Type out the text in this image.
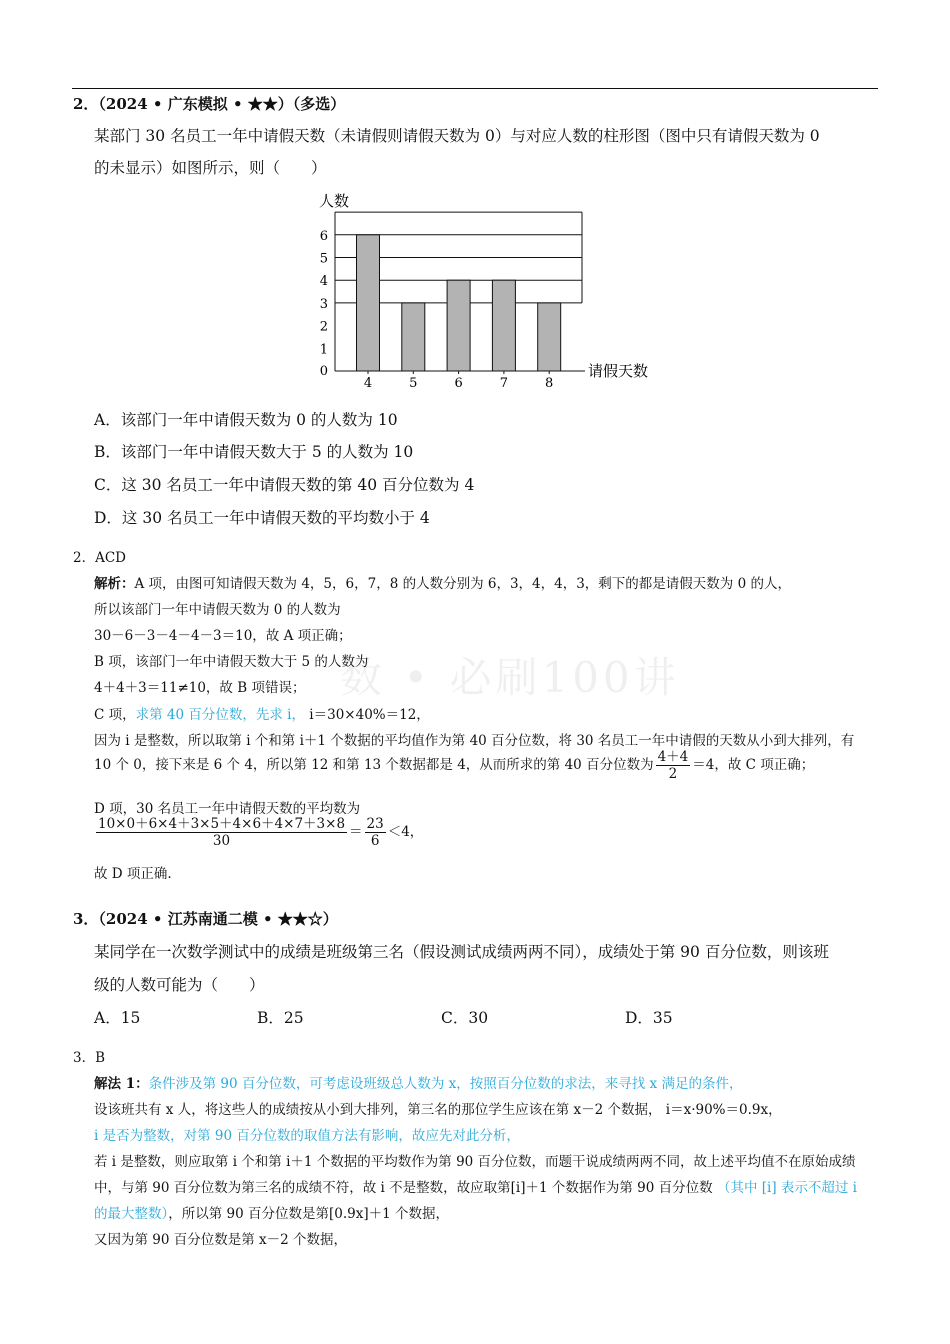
数 • 必刷100讲
2．（2024 • 广东模拟 • ★★）（多选）
某部门 30 名员工一年中请假天数（未请假则请假天数为 0）与对应人数的柱形图（图中只有请假天数为 0
的未显示）如图所示，则（　　）
4	5	6	7	8
0
1
2
3
4
5
6
人数
请假天数
A．该部门一年中请假天数为 0 的人数为 10
B．该部门一年中请假天数大于 5 的人数为 10
C．这 30 名员工一年中请假天数的第 40 百分位数为 4
D．这 30 名员工一年中请假天数的平均数小于 4
2．ACD
解析：A 项，由图可知请假天数为 4，5，6，7，8 的人数分别为 6，3，4，4，3，剩下的都是请假天数为 0 的人，
所以该部门一年中请假天数为 0 的人数为
30－6－3－4－4－3＝10，故 A 项正确；
B 项，该部门一年中请假天数大于 5 的人数为
4＋4＋3＝11≠10，故 B 项错误；
C 项，求第 40 百分位数，先求 i， i＝30×40%＝12，
因为 i 是整数，所以取第 i 个和第 i＋1 个数据的平均值作为第 40 百分位数，将 30 名员工一年中请假的天数从小到大排列，有
10 个 0，接下来是 6 个 4，所以第 12 和第 13 个数据都是 4，从而所求的第 40 百分位数为 $\frac{4+4}{2} =4$，故 C 项正确；
D 项，30 名员工一年中请假天数的平均数为
$\frac{10\times 0+6\times 4+3\times 5+4\times 6+4\times 7+3\times 8}{30} = \frac{23}{6} <4$，
故 D 项正确.
3．（2024 • 江苏南通二模 • ★★☆）
某同学在一次数学测试中的成绩是班级第三名（假设测试成绩两两不同），成绩处于第 90 百分位数，则该班
级的人数可能为（　　）
A．15	B．25	C．30	D．35
3．B
解法 1：条件涉及第 90 百分位数，可考虑设班级总人数为 x，按照百分位数的求法，来寻找 x 满足的条件，
设该班共有 x 人，将这些人的成绩按从小到大排列，第三名的那位学生应该在第 x－2 个数据， i＝x·90%＝0.9x，
i 是否为整数，对第 90 百分位数的取值方法有影响，故应先对此分析，
若 i 是整数，则应取第 i 个和第 i＋1 个数据的平均数作为第 90 百分位数，而题干说成绩两两不同，故上述平均值不在原始成绩
中，与第 90 百分位数为第三名的成绩不符，故 i 不是整数，故应取第[i]＋1 个数据作为第 90 百分位数 （其中 [i] 表示不超过 i
的最大整数），所以第 90 百分位数是第[0.9x]＋1 个数据，
又因为第 90 百分位数是第 x－2 个数据，
